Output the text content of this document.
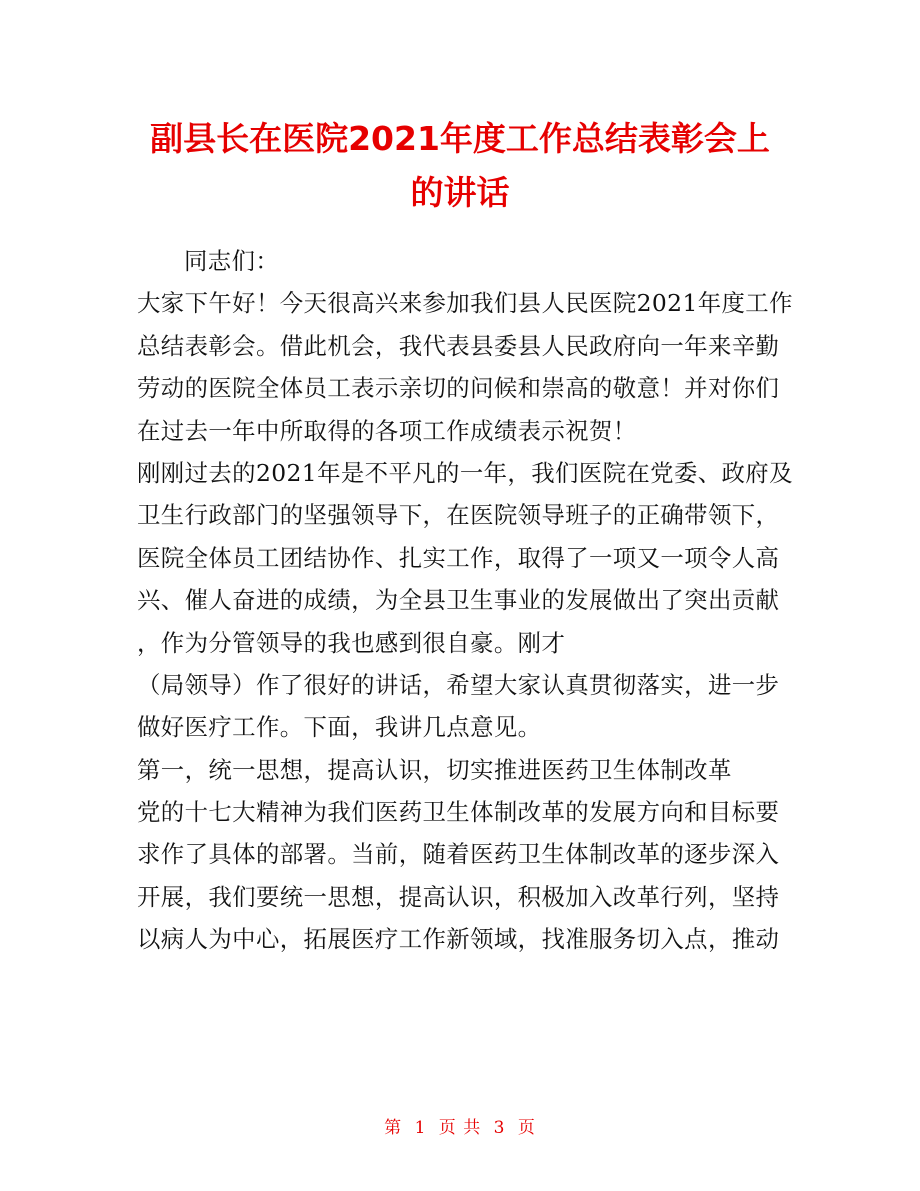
副县长在医院2021年度工作总结表彰会上的讲话
同志们：
大家下午好！今天很高兴来参加我们县人民医院2021年度工作
总结表彰会。借此机会，我代表县委县人民政府向一年来辛勤
劳动的医院全体员工表示亲切的问候和崇高的敬意！并对你们
在过去一年中所取得的各项工作成绩表示祝贺！
刚刚过去的2021年是不平凡的一年，我们医院在党委、政府及
卫生行政部门的坚强领导下，在医院领导班子的正确带领下，
医院全体员工团结协作、扎实工作，取得了一项又一项令人高
兴、催人奋进的成绩，为全县卫生事业的发展做出了突出贡献
，作为分管领导的我也感到很自豪。刚才
（局领导）作了很好的讲话，希望大家认真贯彻落实，进一步
做好医疗工作。下面，我讲几点意见。
第一，统一思想，提高认识，切实推进医药卫生体制改革
党的十七大精神为我们医药卫生体制改革的发展方向和目标要
求作了具体的部署。当前，随着医药卫生体制改革的逐步深入
开展，我们要统一思想，提高认识，积极加入改革行列，坚持
以病人为中心，拓展医疗工作新领域，找准服务切入点，推动
第 1 页 共 3 页
